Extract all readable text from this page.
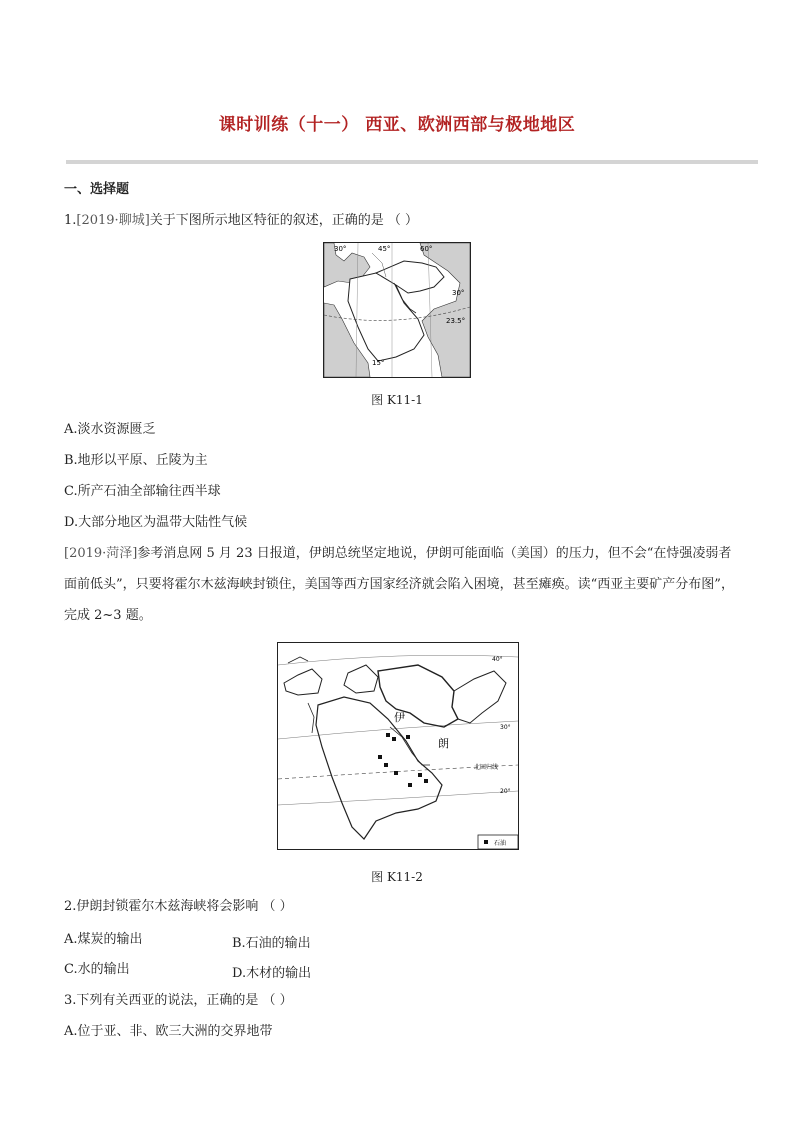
课时训练（十一） 西亚、欧洲西部与极地地区
一、选择题
1.[2019·聊城]关于下图所示地区特征的叙述，正确的是 （ ）
30°	45°	60°
30°
23.5°
15°
图 K11-1
A.淡水资源匮乏
B.地形以平原、丘陵为主
C.所产石油全部输往西半球
D.大部分地区为温带大陆性气候
[2019·菏泽]参考消息网 5 月 23 日报道，伊朗总统坚定地说，伊朗可能面临（美国）的压力，但不会“在恃强凌弱者面前低头”，只要将霍尔木兹海峡封锁住，美国等西方国家经济就会陷入困境，甚至瘫痪。读“西亚主要矿产分布图”，完成 2~3 题。
伊
朗
40°
30°
北回归线
20°
石油
图 K11-2
2.伊朗封锁霍尔木兹海峡将会影响 （ ）
A.煤炭的输出	B.石油的输出
C.水的输出	D.木材的输出
3.下列有关西亚的说法，正确的是 （ ）
A.位于亚、非、欧三大洲的交界地带
